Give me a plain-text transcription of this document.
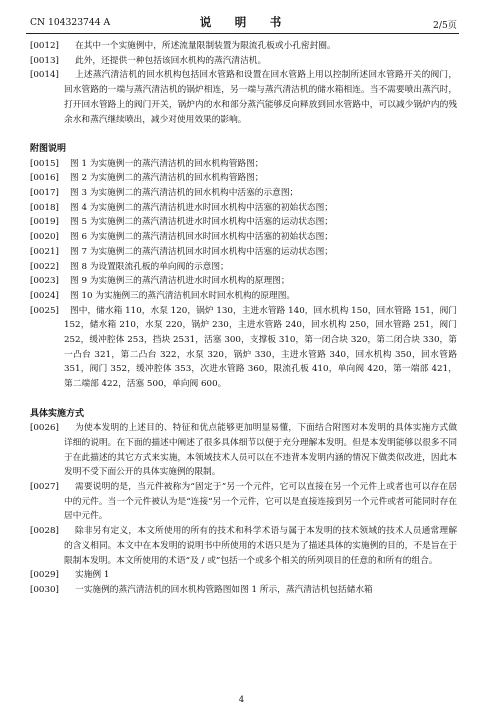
CN 104323744 A	说　明　书	2/5页
[0012] 在其中一个实施例中，所述流量限制装置为限流孔板或小孔密封圈。
[0013] 此外，还提供一种包括该回水机构的蒸汽清洁机。
[0014] 上述蒸汽清洁机的回水机构包括回水管路和设置在回水管路上用以控制所述回水管路开关的阀门，回水管路的一端与蒸汽清洁机的锅炉相连，另一端与蒸汽清洁机的储水箱相连。当不需要喷出蒸汽时，打开回水管路上的阀门开关，锅炉内的水和部分蒸汽能够反向释放到回水管路中，可以减少锅炉内的残余水和蒸汽继续喷出，减少对使用效果的影响。
附图说明
[0015] 图 1 为实施例一的蒸汽清洁机的回水机构管路图；
[0016] 图 2 为实施例二的蒸汽清洁机的回水机构管路图；
[0017] 图 3 为实施例二的蒸汽清洁机的回水机构中活塞的示意图；
[0018] 图 4 为实施例二的蒸汽清洁机进水时回水机构中活塞的初始状态图；
[0019] 图 5 为实施例二的蒸汽清洁机进水时回水机构中活塞的运动状态图；
[0020] 图 6 为实施例二的蒸汽清洁机回水时回水机构中活塞的初始状态图；
[0021] 图 7 为实施例二的蒸汽清洁机回水时回水机构中活塞的运动状态图；
[0022] 图 8 为设置限流孔板的单向阀的示意图；
[0023] 图 9 为实施例三的蒸汽清洁机进水时回水机构的原理图；
[0024] 图 10 为实施例三的蒸汽清洁机回水时回水机构的原理图。
[0025] 图中，储水箱 110，水泵 120，锅炉 130，主进水管路 140，回水机构 150，回水管路 151，阀门 152，储水箱 210，水泵 220，锅炉 230，主进水管路 240，回水机构 250，回水管路 251，阀门 252，缓冲腔体 253，挡块 2531，活塞 300，支撑板 310，第一闭合块 320，第二闭合块 330，第一凸台 321，第二凸台 322，水泵 320，锅炉 330，主进水管路 340，回水机构 350，回水管路 351，阀门 352，缓冲腔体 353，次进水管路 360，限流孔板 410，单向阀 420，第一端部 421，第二端部 422，活塞 500，单向阀 600。
具体实施方式
[0026] 为使本发明的上述目的、特征和优点能够更加明显易懂，下面结合附图对本发明的具体实施方式做详细的说明。在下面的描述中阐述了很多具体细节以便于充分理解本发明。但是本发明能够以很多不同于在此描述的其它方式来实施，本领域技术人员可以在不违背本发明内涵的情况下做类似改进，因此本发明不受下面公开的具体实施例的限制。
[0027] 需要说明的是，当元件被称为“固定于”另一个元件，它可以直接在另一个元件上或者也可以存在居中的元件。当一个元件被认为是“连接”另一个元件，它可以是直接连接到另一个元件或者可能同时存在居中元件。
[0028] 除非另有定义，本文所使用的所有的技术和科学术语与属于本发明的技术领域的技术人员通常理解的含义相同。本文中在本发明的说明书中所使用的术语只是为了描述具体的实施例的目的，不是旨在于限制本发明。本文所使用的术语“及 / 或”包括一个或多个相关的所列项目的任意的和所有的组合。
[0029] 实施例 1
[0030] 一实施例的蒸汽清洁机的回水机构管路图如图 1 所示，蒸汽清洁机包括储水箱
4
